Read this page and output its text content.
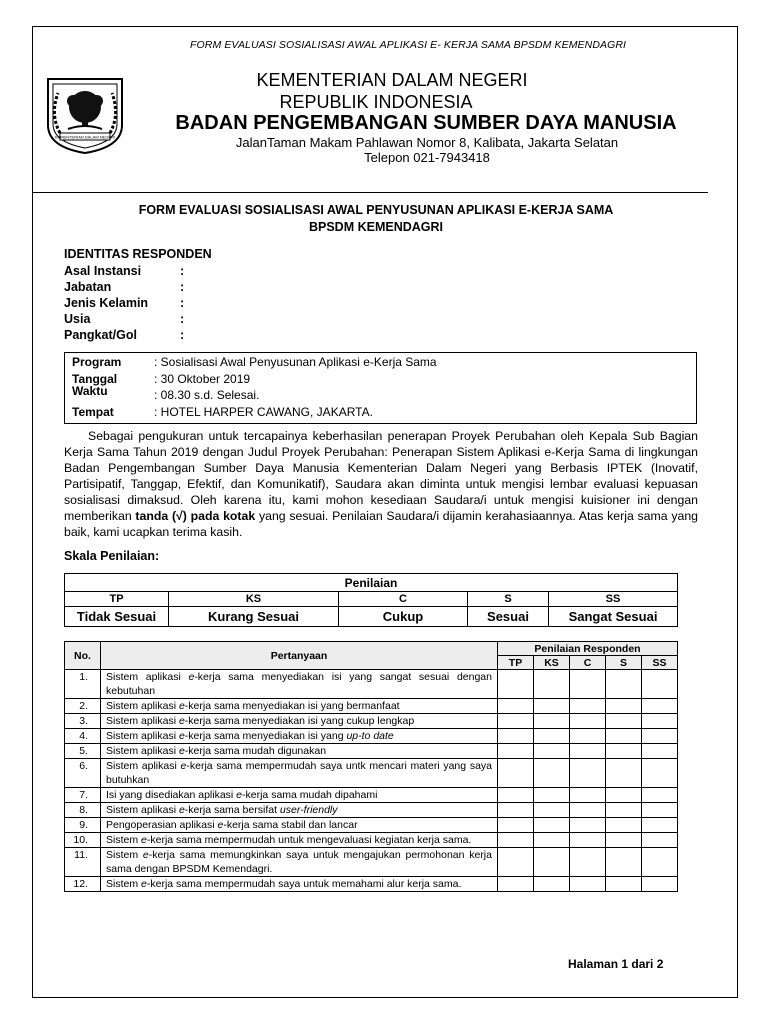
FORM EVALUASI SOSIALISASI AWAL APLIKASI E- KERJA SAMA BPSDM KEMENDAGRI
KEMENTERIAN DALAM NEGERI
KEMENTERIAN DALAM NEGERI
REPUBLIK INDONESIA
BADAN PENGEMBANGAN SUMBER DAYA MANUSIA
JalanTaman Makam Pahlawan Nomor 8, Kalibata, Jakarta Selatan
Telepon 021-7943418
FORM EVALUASI SOSIALISASI AWAL PENYUSUNAN APLIKASI E-KERJA SAMA
BPSDM KEMENDAGRI
IDENTITAS RESPONDEN
Asal Instansi	:
Jabatan	:
Jenis Kelamin	:
Usia	:
Pangkat/Gol	:
Program	: Sosialisasi Awal Penyusunan Aplikasi e-Kerja Sama
Tanggal	: 30 Oktober 2019
Waktu	: 08.30 s.d. Selesai.
Tempat	: HOTEL HARPER CAWANG, JAKARTA.
Sebagai pengukuran untuk tercapainya keberhasilan penerapan Proyek Perubahan oleh Kepala Sub Bagian Kerja Sama Tahun 2019 dengan Judul Proyek Perubahan: Penerapan Sistem Aplikasi e-Kerja Sama di lingkungan Badan Pengembangan Sumber Daya Manusia Kementerian Dalam Negeri yang Berbasis IPTEK (Inovatif, Partisipatif, Tanggap, Efektif, dan Komunikatif), Saudara akan diminta untuk mengisi lembar evaluasi kepuasan sosialisasi dimaksud. Oleh karena itu, kami mohon kesediaan Saudara/i untuk mengisi kuisioner ini dengan memberikan tanda (√) pada kotak yang sesuai. Penilaian Saudara/i dijamin kerahasiaannya. Atas kerja sama yang baik, kami ucapkan terima kasih.
Skala Penilaian:
Penilaian				
TP	KS	C	S	SS
Tidak Sesuai	Kurang Sesuai	Cukup	Sesuai	Sangat Sesuai
No.	Pertanyaan	Penilaian Responden				
		TP	KS	C	S	SS
1.	Sistem aplikasi e-kerja sama menyediakan isi yang sangat sesuai dengan kebutuhan					
2.	Sistem aplikasi e-kerja sama menyediakan isi yang bermanfaat					
3.	Sistem aplikasi e-kerja sama menyediakan isi yang cukup lengkap					
4.	Sistem aplikasi e-kerja sama menyediakan isi yang up-to date					
5.	Sistem aplikasi e-kerja sama mudah digunakan					
6.	Sistem aplikasi e-kerja sama mempermudah saya untk mencari materi yang saya butuhkan					
7.	Isi yang disediakan aplikasi e-kerja sama mudah dipahami					
8.	Sistem aplikasi e-kerja sama bersifat user-friendly					
9.	Pengoperasian aplikasi e-kerja sama stabil dan lancar					
10.	Sistem e-kerja sama mempermudah untuk mengevaluasi kegiatan kerja sama.					
11.	Sistem e-kerja sama memungkinkan saya untuk mengajukan permohonan kerja sama dengan BPSDM Kemendagri.					
12.	Sistem e-kerja sama mempermudah saya untuk memahami alur kerja sama.					
Halaman 1 dari 2
